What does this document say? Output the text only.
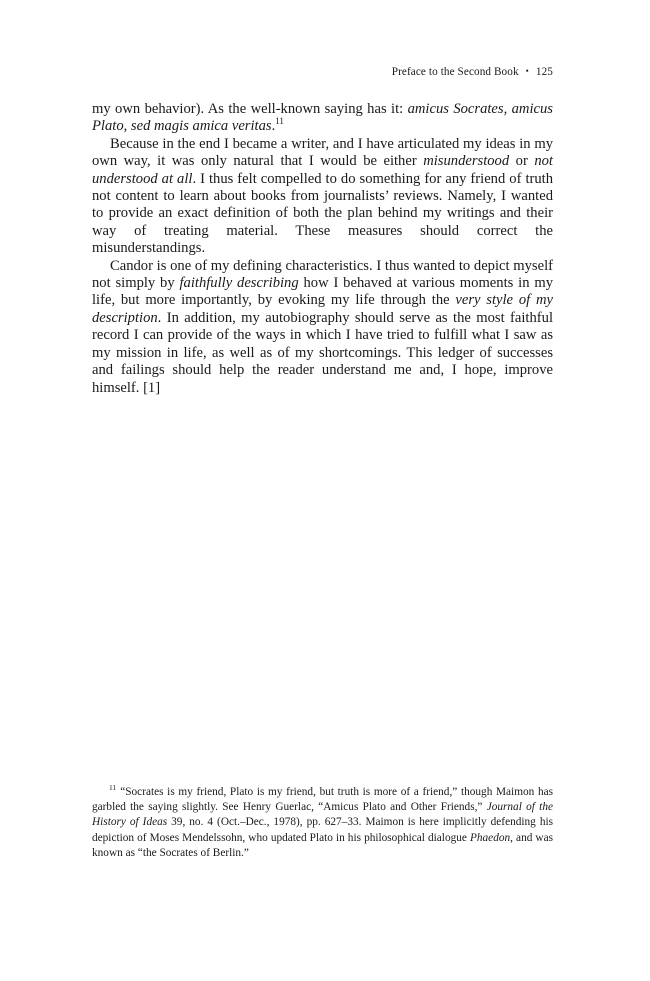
Preface to the Second Book • 125

my own behavior). As the well-known saying has it: amicus Socrates, amicus Plato, sed magis amica veritas.$^{11}$

Because in the end I became a writer, and I have articulated my ideas in my own way, it was only natural that I would be either misunderstood or not understood at all. I thus felt compelled to do something for any friend of truth not content to learn about books from journalists’ reviews. Namely, I wanted to provide an exact definition of both the plan behind my writings and their way of treating material. These measures should correct the misunderstandings.

Candor is one of my defining characteristics. I thus wanted to depict myself not simply by faithfully describing how I behaved at various moments in my life, but more importantly, by evoking my life through the very style of my description. In addition, my autobiography should serve as the most faithful record I can provide of the ways in which I have tried to fulfill what I saw as my mission in life, as well as of my shortcomings. This ledger of successes and failings should help the reader understand me and, I hope, improve himself. [1]

$^{11}$ “Socrates is my friend, Plato is my friend, but truth is more of a friend,” though Maimon has garbled the saying slightly. See Henry Guerlac, “Amicus Plato and Other Friends,” Journal of the History of Ideas 39, no. 4 (Oct.–Dec., 1978), pp. 627–33. Maimon is here implicitly defending his depiction of Moses Mendelssohn, who updated Plato in his philosophical dialogue Phaedon, and was known as “the Socrates of Berlin.”
